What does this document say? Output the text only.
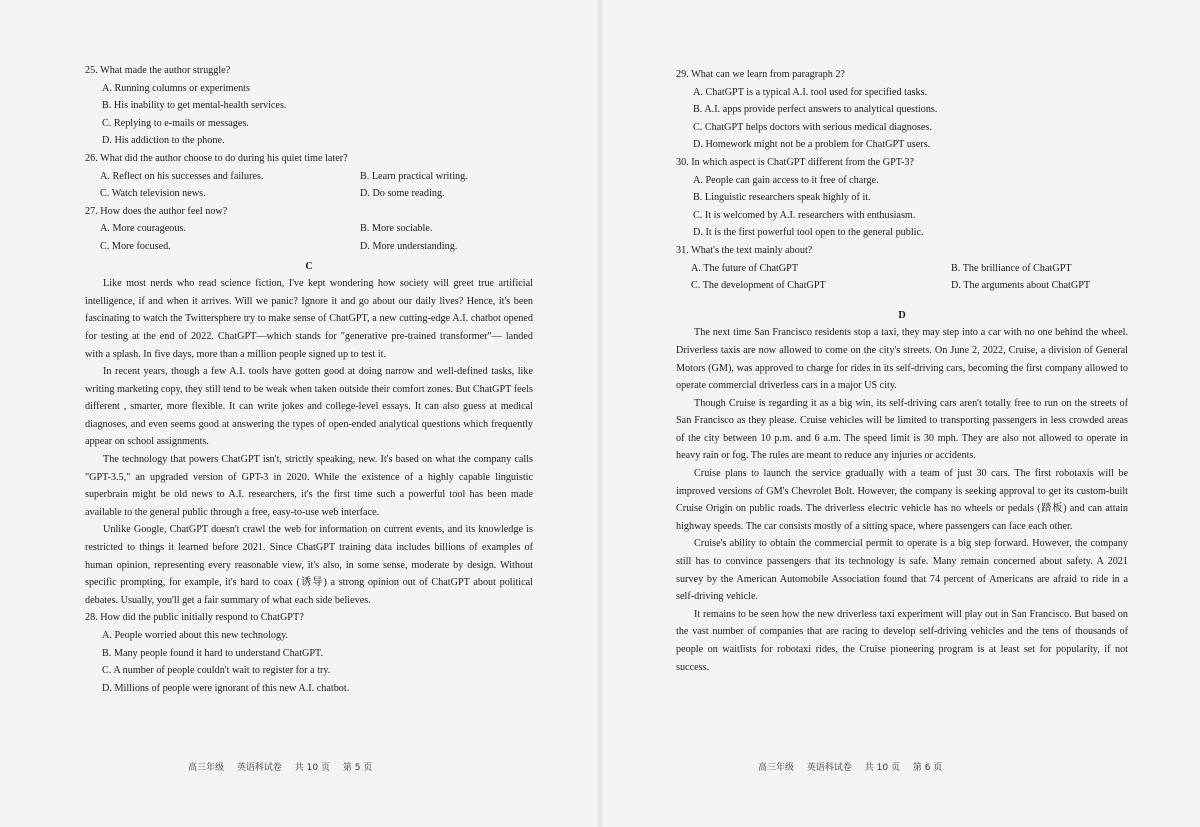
25. What made the author struggle?

A. Running columns or experiments

B. His inability to get mental-health services.

C. Replying to e-mails or messages.

D. His addiction to the phone.

26. What did the author choose to do during his quiet time later?

A. Reflect on his successes and failures.	B. Learn practical writing.
C. Watch television news.	D. Do some reading.

27. How does the author feel now?

A. More courageous.	B. More sociable.
C. More focused.	D. More understanding.

C

Like most nerds who read science fiction, I've kept wondering how society will greet true artificial intelligence, if and when it arrives. Will we panic? Ignore it and go about our daily lives? Hence, it's been fascinating to watch the Twittersphere try to make sense of ChatGPT, a new cutting-edge A.I. chatbot opened for testing at the end of 2022. ChatGPT—which stands for "generative pre-trained transformer"— landed with a splash. In five days, more than a million people signed up to test it.

In recent years, though a few A.I. tools have gotten good at doing narrow and well-defined tasks, like writing marketing copy, they still tend to be weak when taken outside their comfort zones. But ChatGPT feels different , smarter, more flexible. It can write jokes and college-level essays. It can also guess at medical diagnoses, and even seems good at answering the types of open-ended analytical questions which frequently appear on school assignments.

The technology that powers ChatGPT isn't, strictly speaking, new. It's based on what the company calls "GPT-3.5," an upgraded version of GPT-3 in 2020. While the existence of a highly capable linguistic superbrain might be old news to A.I. researchers, it's the first time such a powerful tool has been made available to the general public through a free, easy-to-use web interface.

Unlike Google, ChatGPT doesn't crawl the web for information on current events, and its knowledge is restricted to things it learned before 2021. Since ChatGPT training data includes billions of examples of human opinion, representing every reasonable view, it's also, in some sense, moderate by design. Without specific prompting, for example, it's hard to coax (诱导) a strong opinion out of ChatGPT about political debates. Usually, you'll get a fair summary of what each side believes.

28. How did the public initially respond to ChatGPT?

A. People worried about this new technology.

B. Many people found it hard to understand ChatGPT.

C. A number of people couldn't wait to register for a try.

D. Millions of people were ignorant of this new A.I. chatbot.

高三年级 英语科试卷 共 10 页 第 5 页

29. What can we learn from paragraph 2?

A. ChatGPT is a typical A.I. tool used for specified tasks.

B. A.I. apps provide perfect answers to analytical questions.

C. ChatGPT helps doctors with serious medical diagnoses.

D. Homework might not be a problem for ChatGPT users.

30. In which aspect is ChatGPT different from the GPT-3?

A. People can gain access to it free of charge.

B. Linguistic researchers speak highly of it.

C. It is welcomed by A.I. researchers with enthusiasm.

D. It is the first powerful tool open to the general public.

31. What's the text mainly about?

A. The future of ChatGPT	B. The brilliance of ChatGPT
C. The development of ChatGPT	D. The arguments about ChatGPT

D

The next time San Francisco residents stop a taxi, they may step into a car with no one behind the wheel. Driverless taxis are now allowed to come on the city's streets. On June 2, 2022, Cruise, a division of General Motors (GM), was approved to charge for rides in its self-driving cars, becoming the first company allowed to operate commercial driverless cars in a major US city.

Though Cruise is regarding it as a big win, its self-driving cars aren't totally free to run on the streets of San Francisco as they please. Cruise vehicles will be limited to transporting passengers in less crowded areas of the city between 10 p.m. and 6 a.m. The speed limit is 30 mph. They are also not allowed to operate in heavy rain or fog. The rules are meant to reduce any injuries or accidents.

Cruise plans to launch the service gradually with a team of just 30 cars. The first robotaxis will be improved versions of GM's Chevrolet Bolt. However, the company is seeking approval to get its custom-built Cruise Origin on public roads. The driverless electric vehicle has no wheels or pedals (踏板) and can attain highway speeds. The car consists mostly of a sitting space, where passengers can face each other.

Cruise's ability to obtain the commercial permit to operate is a big step forward. However, the company still has to convince passengers that its technology is safe. Many remain concerned about safety. A 2021 survey by the American Automobile Association found that 74 percent of Americans are afraid to ride in a self-driving vehicle.

It remains to be seen how the new driverless taxi experiment will play out in San Francisco. But based on the vast number of companies that are racing to develop self-driving vehicles and the tens of thousands of people on waitlists for robotaxi rides, the Cruise pioneering program is at least set for popularity, if not success.

高三年级 英语科试卷 共 10 页 第 6 页
